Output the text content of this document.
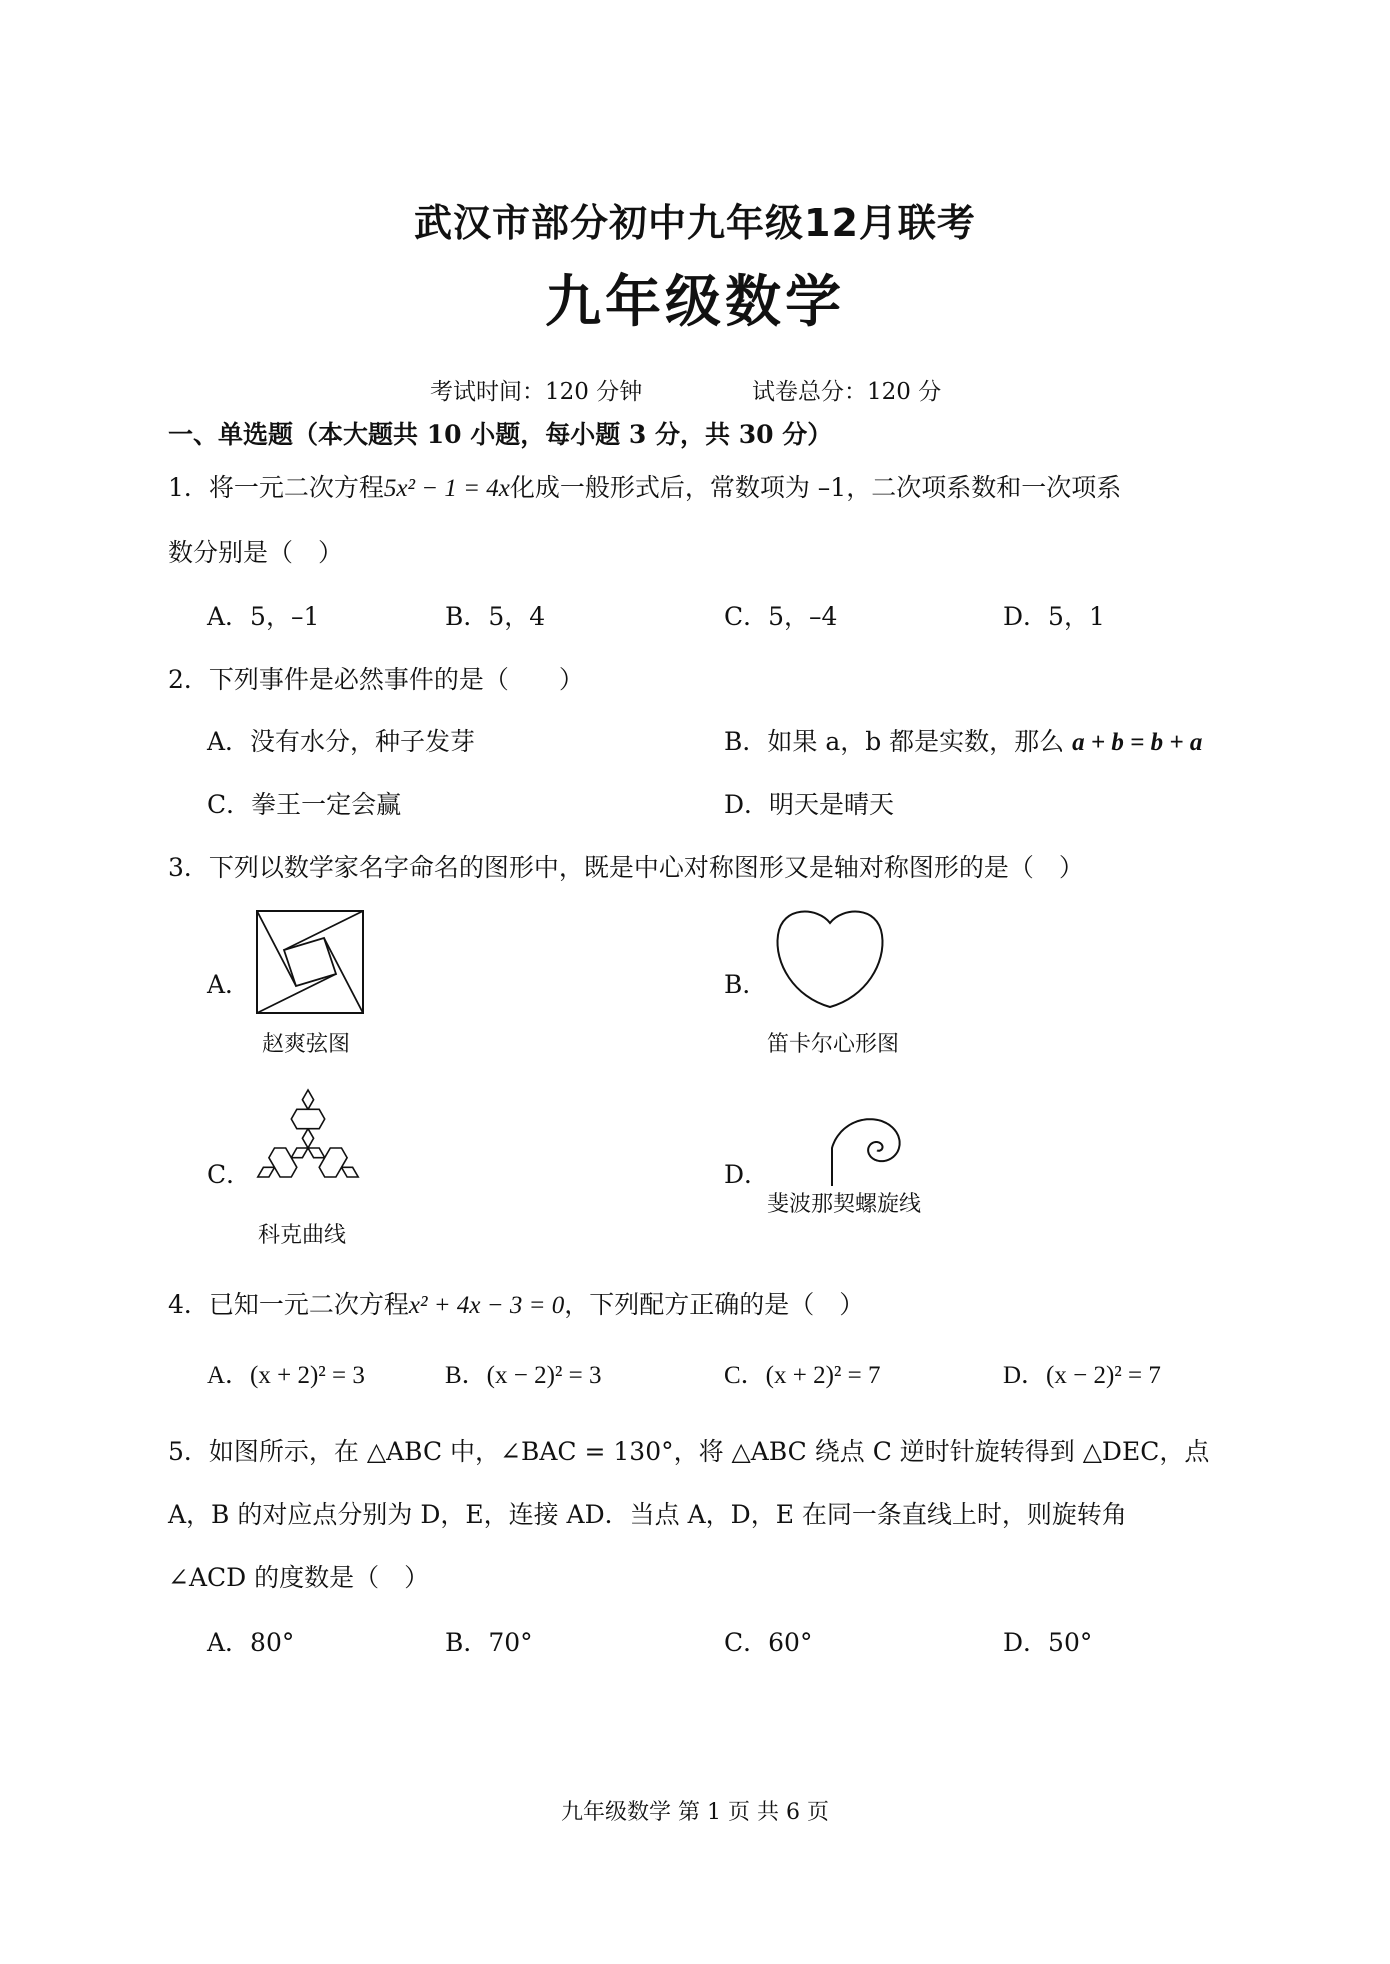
武汉市部分初中九年级12月联考
九年级数学
考试时间：120 分钟	试卷总分：120 分
一、单选题（本大题共 10 小题，每小题 3 分，共 30 分）
1．将一元二次方程5x² − 1 = 4x化成一般形式后，常数项为 –1，二次项系数和一次项系
数分别是（　）
A．5，–1	B．5，4	C．5，–4	D．5，1
2．下列事件是必然事件的是（　　）
A．没有水分，种子发芽	B．如果 a，b 都是实数，那么 a + b = b + a
C．拳王一定会赢	D．明天是晴天
3．下列以数学家名字命名的图形中，既是中心对称图形又是轴对称图形的是（　）
A．
赵爽弦图
B．
笛卡尔心形图
C．
科克曲线
D．
斐波那契螺旋线
4．已知一元二次方程x² + 4x − 3 = 0，下列配方正确的是（　）
A．(x + 2)² = 3	B．(x − 2)² = 3	C．(x + 2)² = 7	D．(x − 2)² = 7
5．如图所示，在 △ABC 中，∠BAC = 130°，将 △ABC 绕点 C 逆时针旋转得到 △DEC，点
A，B 的对应点分别为 D，E，连接 AD．当点 A，D，E 在同一条直线上时，则旋转角
∠ACD 的度数是（　）
A．80°	B．70°	C．60°	D．50°
九年级数学 第 1 页 共 6 页
